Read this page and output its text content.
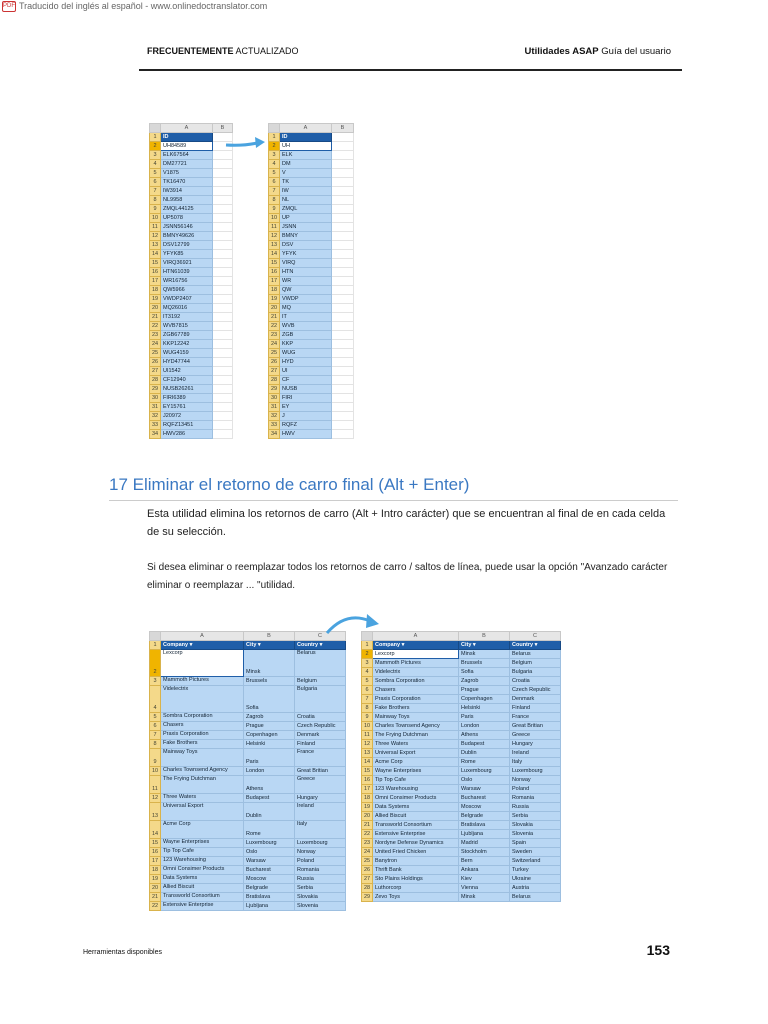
PDF Traducido del inglés al español - www.onlinedoctranslator.com
FRECUENTEMENTE ACTUALIZADO	Utilidades ASAP Guía del usuario
	A	B
1	ID	
2	UH84589	
3	ELK67564	
4	DM27721	
5	V1875	
6	TK16470	
7	IW3914	
8	NL9958	
9	ZMQL44125	
10	UP5078	
11	JSNN56146	
12	BMNY49626	
13	DSV12799	
14	YFYK85	
15	VIRQ36921	
16	HTN61039	
17	WR16756	
18	QW5966	
19	VWDP2407	
20	MQ26016	
21	IT3192	
22	WVB7815	
23	ZGB67789	
24	KKP12242	
25	WUG4159	
26	HYD47744	
27	UI1542	
28	CF12940	
29	NUSB26261	
30	FIRI6389	
31	EY15761	
32	J20972	
33	RQFZ13451	
34	HWV286	
	A	B
1	ID	
2	UH	
3	ELK	
4	DM	
5	V	
6	TK	
7	IW	
8	NL	
9	ZMQL	
10	UP	
11	JSNN	
12	BMNY	
13	DSV	
14	YFYK	
15	VIRQ	
16	HTN	
17	WR	
18	QW	
19	VWDP	
20	MQ	
21	IT	
22	WVB	
23	ZGB	
24	KKP	
25	WUG	
26	HYD	
27	UI	
28	CF	
29	NUSB	
30	FIRI	
31	EY	
32	J	
33	RQFZ	
34	HWV	
17 Eliminar el retorno de carro final (Alt + Enter)
Esta utilidad elimina los retornos de carro (Alt + Intro carácter) que se encuentran al final de en cada celda de su selección.
Si desea eliminar o reemplazar todos los retornos de carro / saltos de línea, puede usar la opción "Avanzado carácter eliminar o reemplazar ... "utilidad.
	A	B	C
1	Company ▾	City ▾	Country ▾
2	Lexcorp	Minsk	Belarus
3	Mammoth Pictures	Brussels	Belgium
4	Videlectrix	Sofia	Bulgaria
5	Sombra Corporation	Zagrob	Croatia
6	Chasers	Prague	Czech Republic
7	Praxis Corporation	Copenhagen	Denmark
8	Fake Brothers	Helsinki	Finland
9	Mainway Toys	Paris	France
10	Charles Townsend Agency	London	Great Britian
11	The Frying Dutchman	Athens	Greece
12	Three Waters	Budapest	Hungary
13	Universal Export	Dublin	Ireland
14	Acme Corp	Rome	Italy
15	Wayne Enterprises	Luxembourg	Luxembourg
16	Tip Top Cafe	Oslo	Norway
17	123 Warehousing	Warsaw	Poland
18	Omni Consimer Products	Bucharest	Romania
19	Data Systems	Moscow	Russia
20	Allied Biscuit	Belgrade	Serbia
21	Transworld Consortium	Bratislava	Slovakia
22	Extensive Enterprise	Ljubljana	Slovenia
	A	B	C
1	Company ▾	City ▾	Country ▾
2	Lexcorp	Minsk	Belarus
3	Mammoth Pictures	Brussels	Belgium
4	Videlectrix	Sofia	Bulgaria
5	Sombra Corporation	Zagrob	Croatia
6	Chasers	Prague	Czech Republic
7	Praxis Corporation	Copenhagen	Denmark
8	Fake Brothers	Helsinki	Finland
9	Mainway Toys	Paris	France
10	Charles Townsend Agency	London	Great Britian
11	The Frying Dutchman	Athens	Greece
12	Three Waters	Budapest	Hungary
13	Universal Export	Dublin	Ireland
14	Acme Corp	Rome	Italy
15	Wayne Enterprises	Luxembourg	Luxembourg
16	Tip Top Cafe	Oslo	Norway
17	123 Warehousing	Warsaw	Poland
18	Omni Consimer Products	Bucharest	Romania
19	Data Systems	Moscow	Russia
20	Allied Biscuit	Belgrade	Serbia
21	Transworld Consortium	Bratislava	Slovakia
22	Extensive Enterprise	Ljubljana	Slovenia
23	Nordyne Defense Dynamics	Madrid	Spain
24	United Fried Chicken	Stockholm	Sweden
25	Banytron	Bern	Switzerland
26	Thrift Bank	Ankara	Turkey
27	Sto Plains Holdings	Kiev	Ukraine
28	Luthorcorp	Vienna	Austria
29	Zevo Toys	Minsk	Belarus
Herramientas disponibles	153
